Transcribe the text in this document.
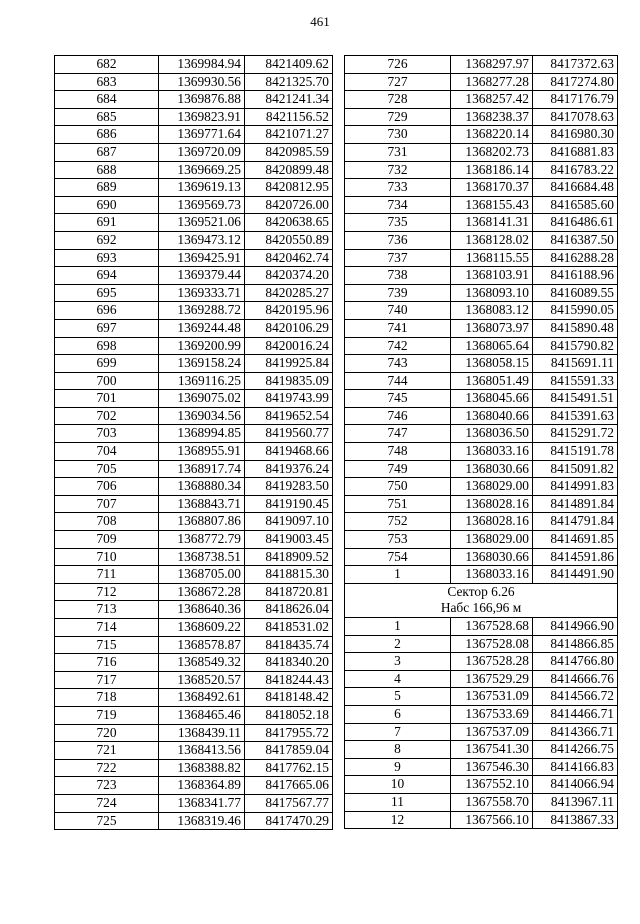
461
682	1369984.94	8421409.62
683	1369930.56	8421325.70
684	1369876.88	8421241.34
685	1369823.91	8421156.52
686	1369771.64	8421071.27
687	1369720.09	8420985.59
688	1369669.25	8420899.48
689	1369619.13	8420812.95
690	1369569.73	8420726.00
691	1369521.06	8420638.65
692	1369473.12	8420550.89
693	1369425.91	8420462.74
694	1369379.44	8420374.20
695	1369333.71	8420285.27
696	1369288.72	8420195.96
697	1369244.48	8420106.29
698	1369200.99	8420016.24
699	1369158.24	8419925.84
700	1369116.25	8419835.09
701	1369075.02	8419743.99
702	1369034.56	8419652.54
703	1368994.85	8419560.77
704	1368955.91	8419468.66
705	1368917.74	8419376.24
706	1368880.34	8419283.50
707	1368843.71	8419190.45
708	1368807.86	8419097.10
709	1368772.79	8419003.45
710	1368738.51	8418909.52
711	1368705.00	8418815.30
712	1368672.28	8418720.81
713	1368640.36	8418626.04
714	1368609.22	8418531.02
715	1368578.87	8418435.74
716	1368549.32	8418340.20
717	1368520.57	8418244.43
718	1368492.61	8418148.42
719	1368465.46	8418052.18
720	1368439.11	8417955.72
721	1368413.56	8417859.04
722	1368388.82	8417762.15
723	1368364.89	8417665.06
724	1368341.77	8417567.77
725	1368319.46	8417470.29
726	1368297.97	8417372.63
727	1368277.28	8417274.80
728	1368257.42	8417176.79
729	1368238.37	8417078.63
730	1368220.14	8416980.30
731	1368202.73	8416881.83
732	1368186.14	8416783.22
733	1368170.37	8416684.48
734	1368155.43	8416585.60
735	1368141.31	8416486.61
736	1368128.02	8416387.50
737	1368115.55	8416288.28
738	1368103.91	8416188.96
739	1368093.10	8416089.55
740	1368083.12	8415990.05
741	1368073.97	8415890.48
742	1368065.64	8415790.82
743	1368058.15	8415691.11
744	1368051.49	8415591.33
745	1368045.66	8415491.51
746	1368040.66	8415391.63
747	1368036.50	8415291.72
748	1368033.16	8415191.78
749	1368030.66	8415091.82
750	1368029.00	8414991.83
751	1368028.16	8414891.84
752	1368028.16	8414791.84
753	1368029.00	8414691.85
754	1368030.66	8414591.86
1	1368033.16	8414491.90
Сектор 6.26		
Набс 166,96 м		
1	1367528.68	8414966.90
2	1367528.08	8414866.85
3	1367528.28	8414766.80
4	1367529.29	8414666.76
5	1367531.09	8414566.72
6	1367533.69	8414466.71
7	1367537.09	8414366.71
8	1367541.30	8414266.75
9	1367546.30	8414166.83
10	1367552.10	8414066.94
11	1367558.70	8413967.11
12	1367566.10	8413867.33
